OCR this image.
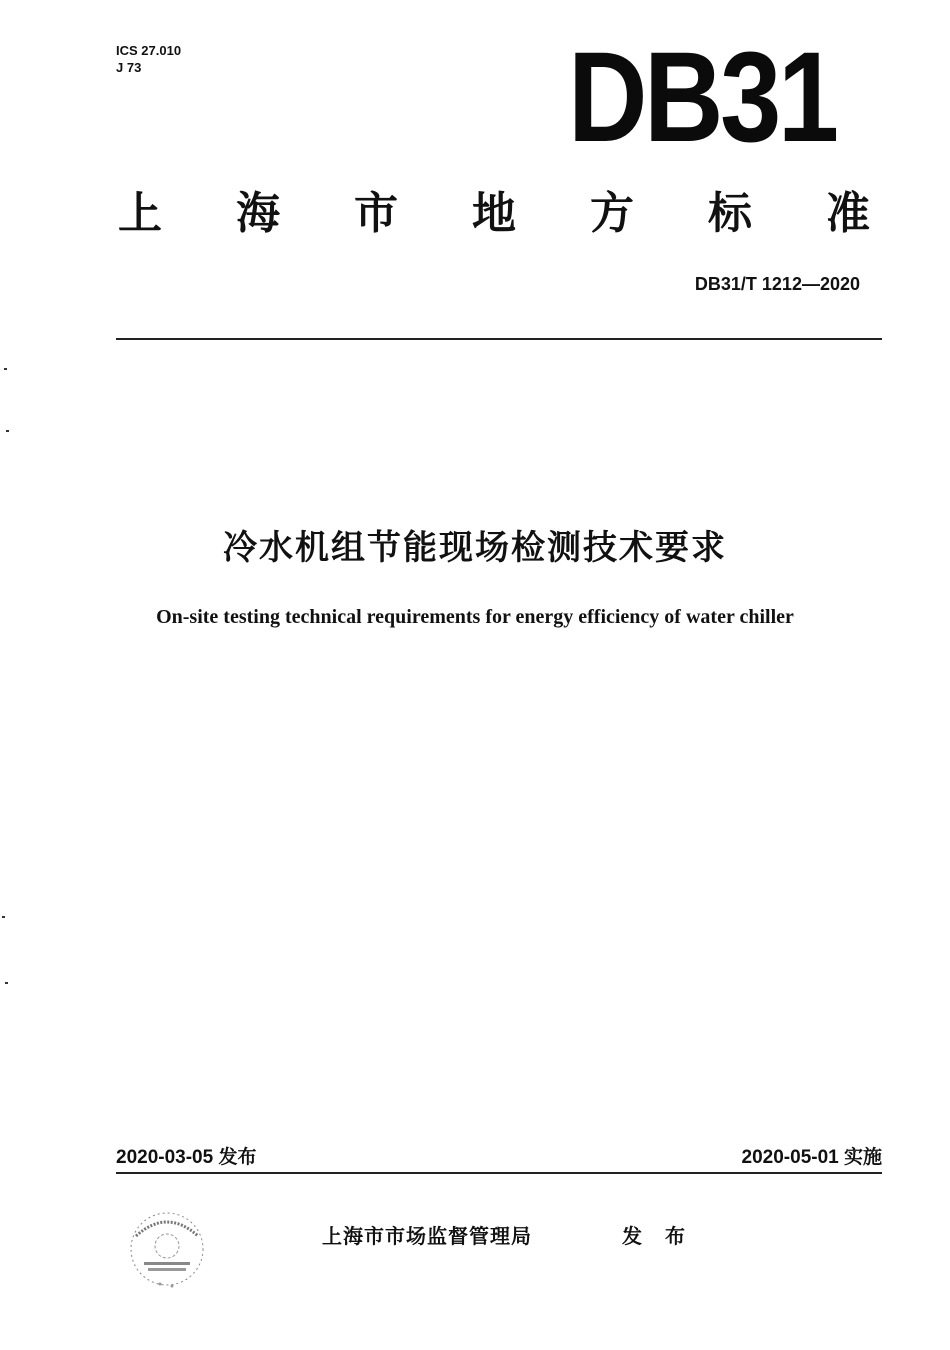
ICS 27.010
J 73	DB31
上 海 市 地 方 标 准
DB31/T 1212—2020
冷水机组节能现场检测技术要求
On-site testing technical requirements for energy efficiency of water chiller
2020-03-05 发布	2020-05-01 实施
上海市市场监督管理局	发 布
